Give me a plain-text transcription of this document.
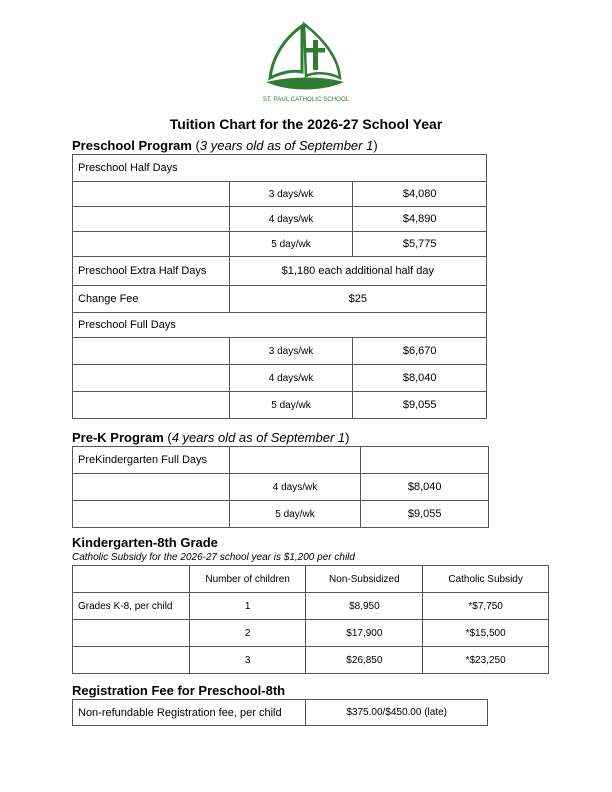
ST. PAUL CATHOLIC SCHOOL
Tuition Chart for the 2026-27 School Year
Preschool Program (3 years old as of September 1)
Preschool Half Days		
	3 days/wk	$4,080
	4 days/wk	$4,890
	5 day/wk	$5,775
Preschool Extra Half Days	$1,180 each additional half day	
Change Fee	$25	
Preschool Full Days		
	3 days/wk	$6,670
	4 days/wk	$8,040
	5 day/wk	$9,055
Pre-K Program (4 years old as of September 1)
PreKindergarten Full Days		
	4 days/wk	$8,040
	5 day/wk	$9,055
Kindergarten-8th Grade
Catholic Subsidy for the 2026-27 school year is $1,200 per child
	Number of children	Non-Subsidized	Catholic Subsidy
Grades K-8, per child	1	$8,950	*$7,750
	2	$17,900	*$15,500
	3	$26,850	*$23,250
Registration Fee for Preschool-8th
Non-refundable Registration fee, per child	$375.00/$450.00 (late)
